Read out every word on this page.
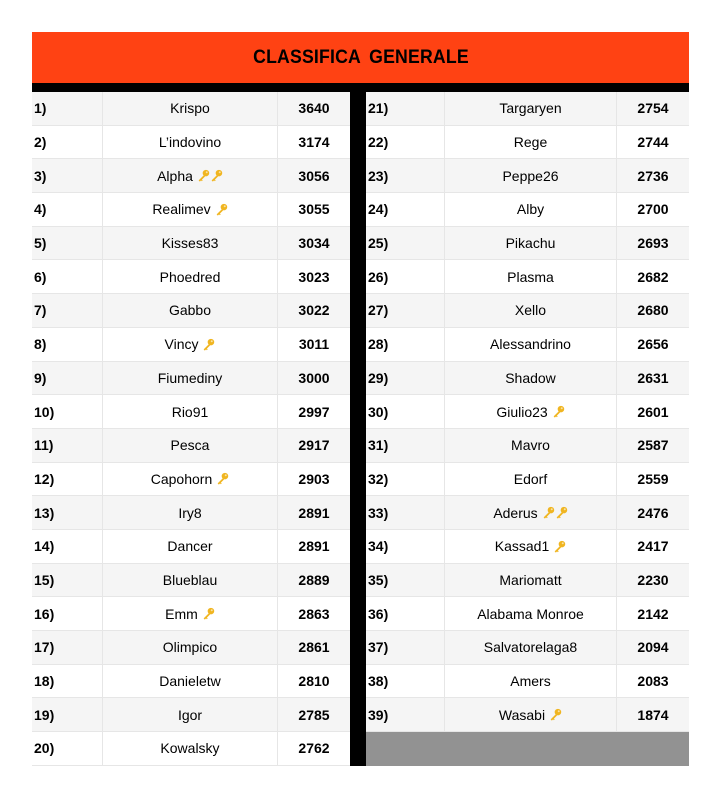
CLASSIFICA GENERALE
1)	Krispo	3640
2)	L’indovino	3174
3)	Alpha	3056
4)	Realimev	3055
5)	Kisses83	3034
6)	Phoedred	3023
7)	Gabbo	3022
8)	Vincy	3011
9)	Fiumediny	3000
10)	Rio91	2997
11)	Pesca	2917
12)	Capohorn	2903
13)	Iry8	2891
14)	Dancer	2891
15)	Blueblau	2889
16)	Emm	2863
17)	Olimpico	2861
18)	Danieletw	2810
19)	Igor	2785
20)	Kowalsky	2762
21)	Targaryen	2754
22)	Rege	2744
23)	Peppe26	2736
24)	Alby	2700
25)	Pikachu	2693
26)	Plasma	2682
27)	Xello	2680
28)	Alessandrino	2656
29)	Shadow	2631
30)	Giulio23	2601
31)	Mavro	2587
32)	Edorf	2559
33)	Aderus	2476
34)	Kassad1	2417
35)	Mariomatt	2230
36)	Alabama Monroe	2142
37)	Salvatorelaga8	2094
38)	Amers	2083
39)	Wasabi	1874
